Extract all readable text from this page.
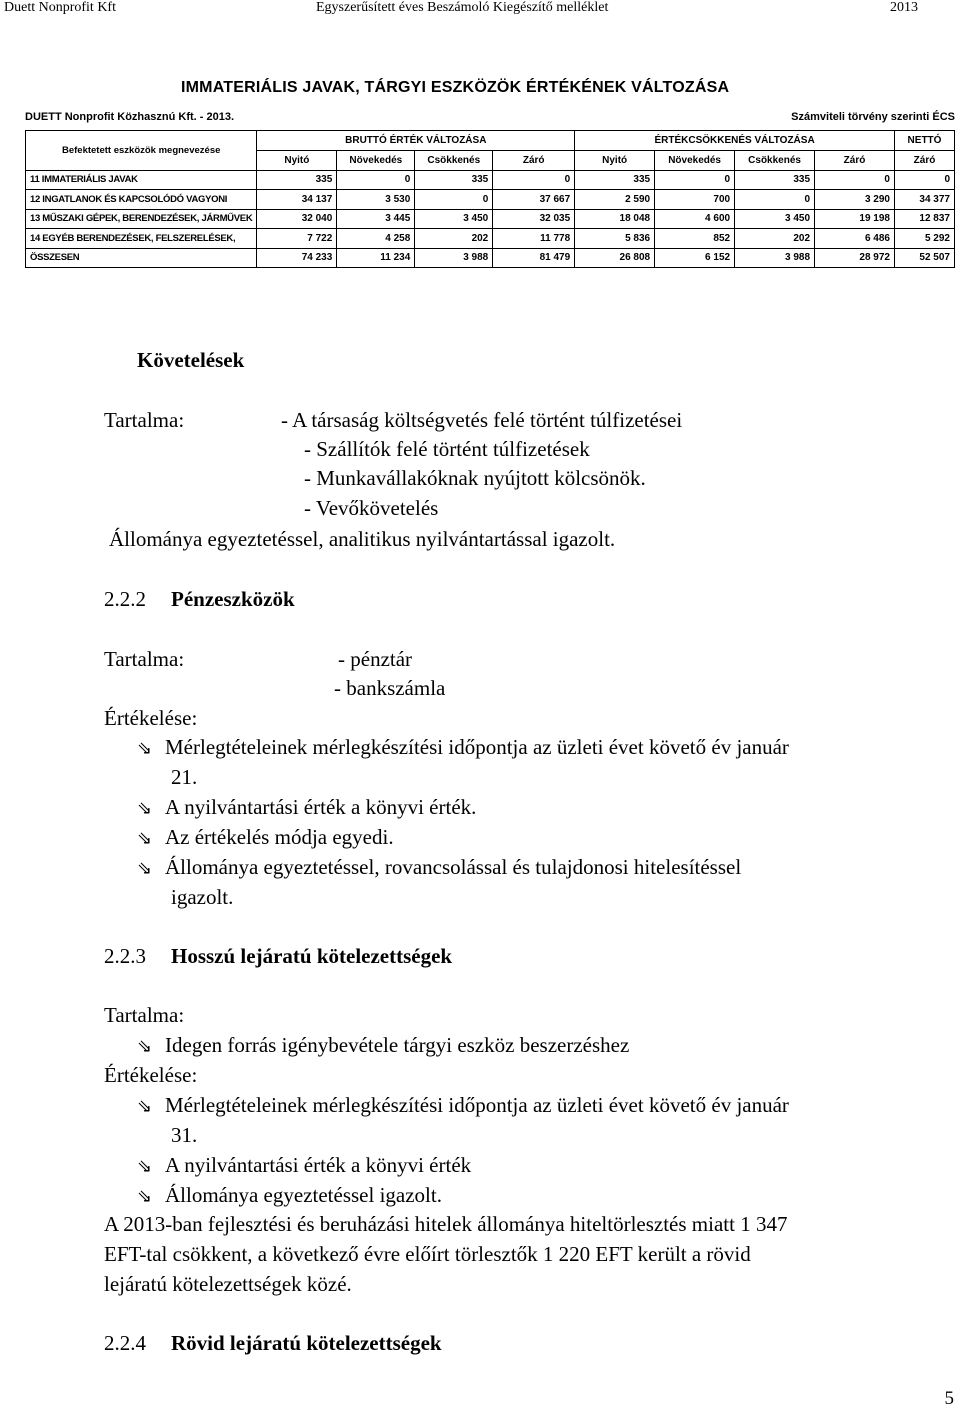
Duett Nonprofit Kft	Egyszerűsített éves Beszámoló Kiegészítő melléklet	2013
IMMATERIÁLIS JAVAK, TÁRGYI ESZKÖZÖK ÉRTÉKÉNEK VÁLTOZÁSA
DUETT Nonprofit Közhasznú Kft. - 2013.	Számviteli törvény szerinti ÉCS
Befektetett eszközök megnevezése	BRUTTÓ ÉRTÉK VÁLTOZÁSA				ÉRTÉKCSÖKKENÉS VÁLTOZÁSA				NETTÓ
	Nyitó	Növekedés	Csökkenés	Záró	Nyitó	Növekedés	Csökkenés	Záró	Záró
11 IMMATERIÁLIS JAVAK	335	0	335	0	335	0	335	0	0
12 INGATLANOK ÉS KAPCSOLÓDÓ VAGYONI	34 137	3 530	0	37 667	2 590	700	0	3 290	34 377
13 MŰSZAKI GÉPEK, BERENDEZÉSEK, JÁRMŰVEK	32 040	3 445	3 450	32 035	18 048	4 600	3 450	19 198	12 837
14 EGYÉB BERENDEZÉSEK, FELSZERELÉSEK,	7 722	4 258	202	11 778	5 836	852	202	6 486	5 292
ÖSSZESEN	74 233	11 234	3 988	81 479	26 808	6 152	3 988	28 972	52 507
Követelések
Tartalma:	- A társaság költségvetés felé történt túlfizetései
- Szállítók felé történt túlfizetések
- Munkavállakóknak nyújtott kölcsönök.
- Vevőkövetelés
Állománya egyeztetéssel, analitikus nyilvántartással igazolt.
2.2.2 Pénzeszközök
Tartalma:	- pénztár
- bankszámla
Értékelése:
⇘ Mérlegtételeinek mérlegkészítési időpontja az üzleti évet követő év január
21.
⇘ A nyilvántartási érték a könyvi érték.
⇘ Az értékelés módja egyedi.
⇘ Állománya egyeztetéssel, rovancsolással és tulajdonosi hitelesítéssel
igazolt.
2.2.3 Hosszú lejáratú kötelezettségek
Tartalma:
⇘ Idegen forrás igénybevétele tárgyi eszköz beszerzéshez
Értékelése:
⇘ Mérlegtételeinek mérlegkészítési időpontja az üzleti évet követő év január
31.
⇘ A nyilvántartási érték a könyvi érték
⇘ Állománya egyeztetéssel igazolt.
A 2013-ban fejlesztési és beruházási hitelek állománya hiteltörlesztés miatt 1 347
EFT-tal csökkent, a következő évre előírt törlesztők 1 220 EFT került a rövid
lejáratú kötelezettségek közé.
2.2.4 Rövid lejáratú kötelezettségek
5
